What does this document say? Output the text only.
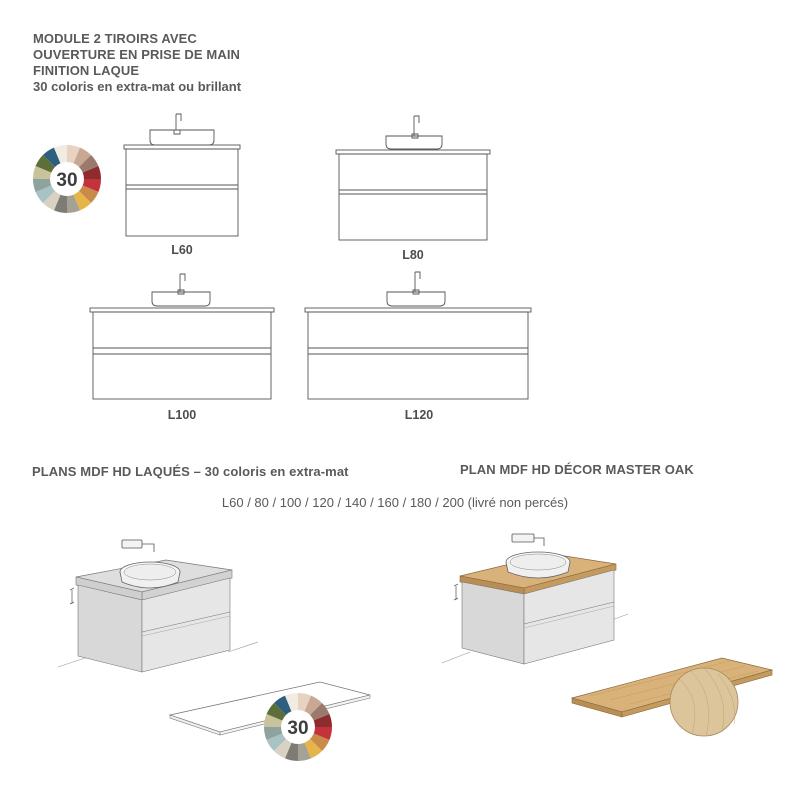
MODULE 2 TIROIRS AVEC
OUVERTURE EN PRISE DE MAIN
FINITION LAQUE
30 coloris en extra-mat ou brillant
30
L60	L80
L100	L120
PLANS MDF HD LAQUÉS – 30 coloris en extra-mat	PLAN MDF HD DÉCOR MASTER OAK
L60 / 80 / 100 / 120 / 140 / 160 / 180 / 200 (livré non percés)
30
